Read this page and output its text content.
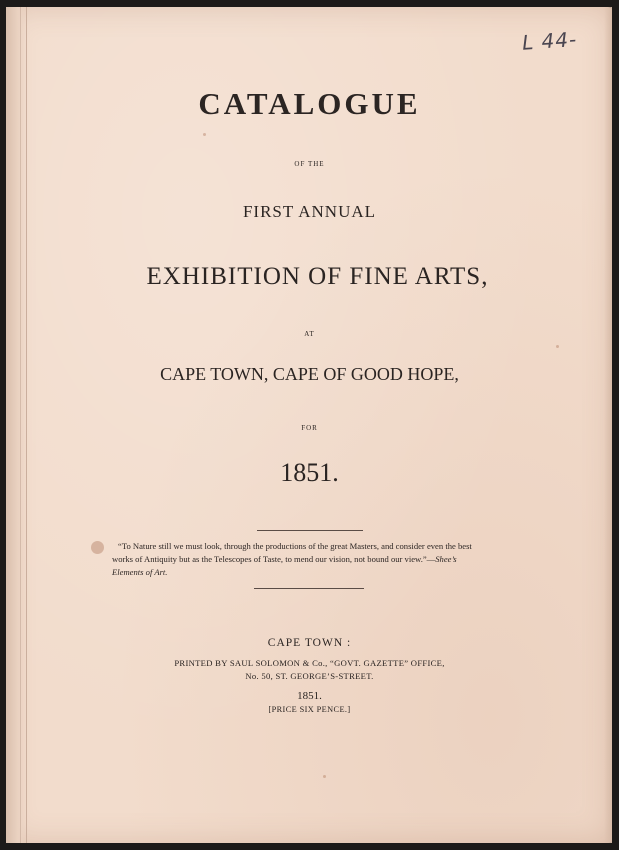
L 44-
CATALOGUE
OF THE
FIRST ANNUAL
EXHIBITION OF FINE ARTS,
AT
CAPE TOWN, CAPE OF GOOD HOPE,
FOR
1851.
“To Nature still we must look, through the productions of the great Masters, and consider even the best
works of Antiquity but as the Telescopes of Taste, to mend our vision, not bound our view.”—Shee’s
Elements of Art.
CAPE TOWN :
PRINTED BY SAUL SOLOMON & Co., “GOVT. GAZETTE” OFFICE,
No. 50, ST. GEORGE’S-STREET.
1851.
[PRICE SIX PENCE.]
